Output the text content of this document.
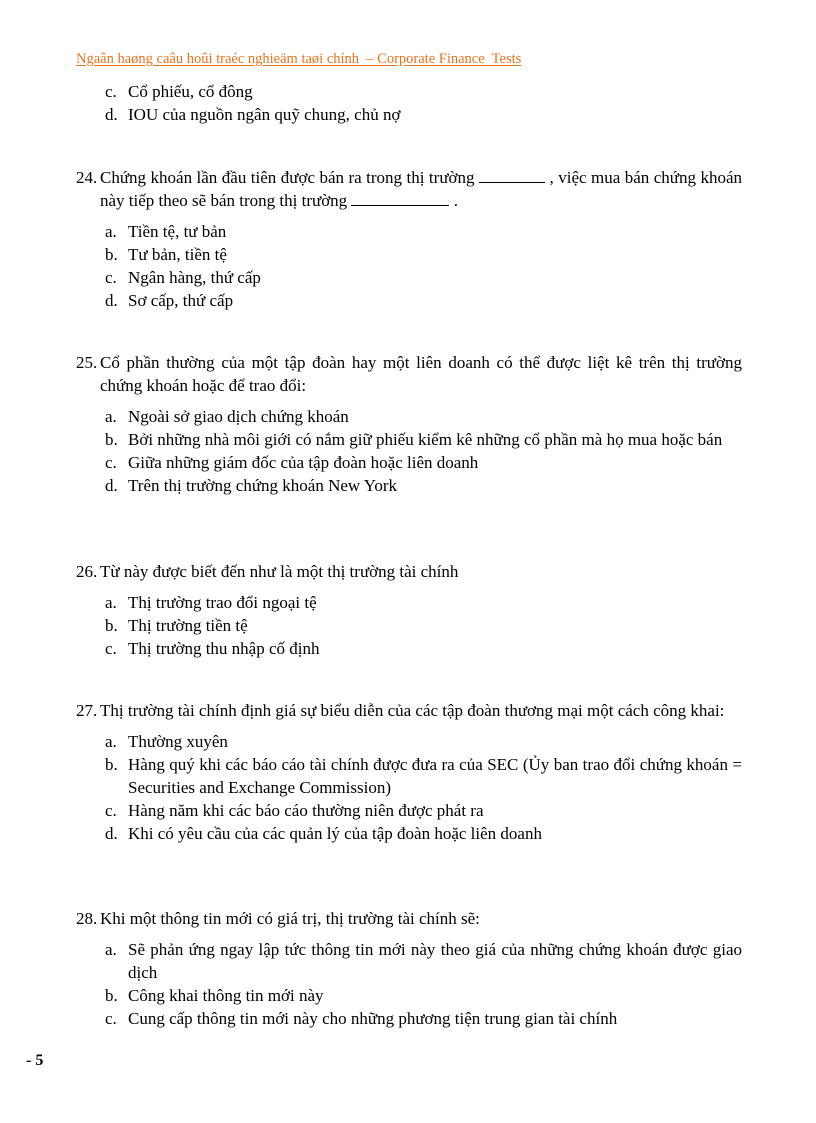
Ngaân haøng caâu hoûi traéc nghieäm taøi chính  – Corporate Finance  Tests
c. Cổ phiếu, cổ đông
d. IOU của nguồn ngân quỹ chung, chủ nợ
24. Chứng khoán lần đầu tiên được bán ra trong thị trường	, việc mua bán chứng khoán này tiếp theo sẽ bán trong thị trường	.
a. Tiền tệ, tư bản
b. Tư bản, tiền tệ
c. Ngân hàng, thứ cấp
d. Sơ cấp, thứ cấp
25. Cổ phần thường của một tập đoàn hay một liên doanh có thể được liệt kê trên thị trường chứng khoán hoặc để trao đổi:
a. Ngoài sở giao dịch chứng khoán
b. Bởi những nhà môi giới có nắm giữ phiếu kiểm kê những cổ phần mà họ mua hoặc bán
c. Giữa những giám đốc của tập đoàn hoặc liên doanh
d. Trên thị trường chứng khoán New York
26. Từ này được biết đến như là một thị trường tài chính
a. Thị trường trao đổi ngoại tệ
b. Thị trường tiền tệ
c. Thị trường thu nhập cố định
27. Thị trường tài chính định giá sự biểu diễn của các tập đoàn thương mại một cách công khai:
a. Thường xuyên
b. Hàng quý khi các báo cáo tài chính được đưa ra của SEC (Ủy ban trao đổi chứng khoán = Securities and Exchange Commission)
c. Hàng năm khi các báo cáo thường niên được phát ra
d. Khi có yêu cầu của các quản lý của tập đoàn hoặc liên doanh
28. Khi một thông tin mới có giá trị, thị trường tài chính sẽ:
a. Sẽ phản ứng ngay lập tức thông tin mới này theo giá của những chứng khoán được giao dịch
b. Công khai thông tin mới này
c. Cung cấp thông tin mới này cho những phương tiện trung gian tài chính
- 5
